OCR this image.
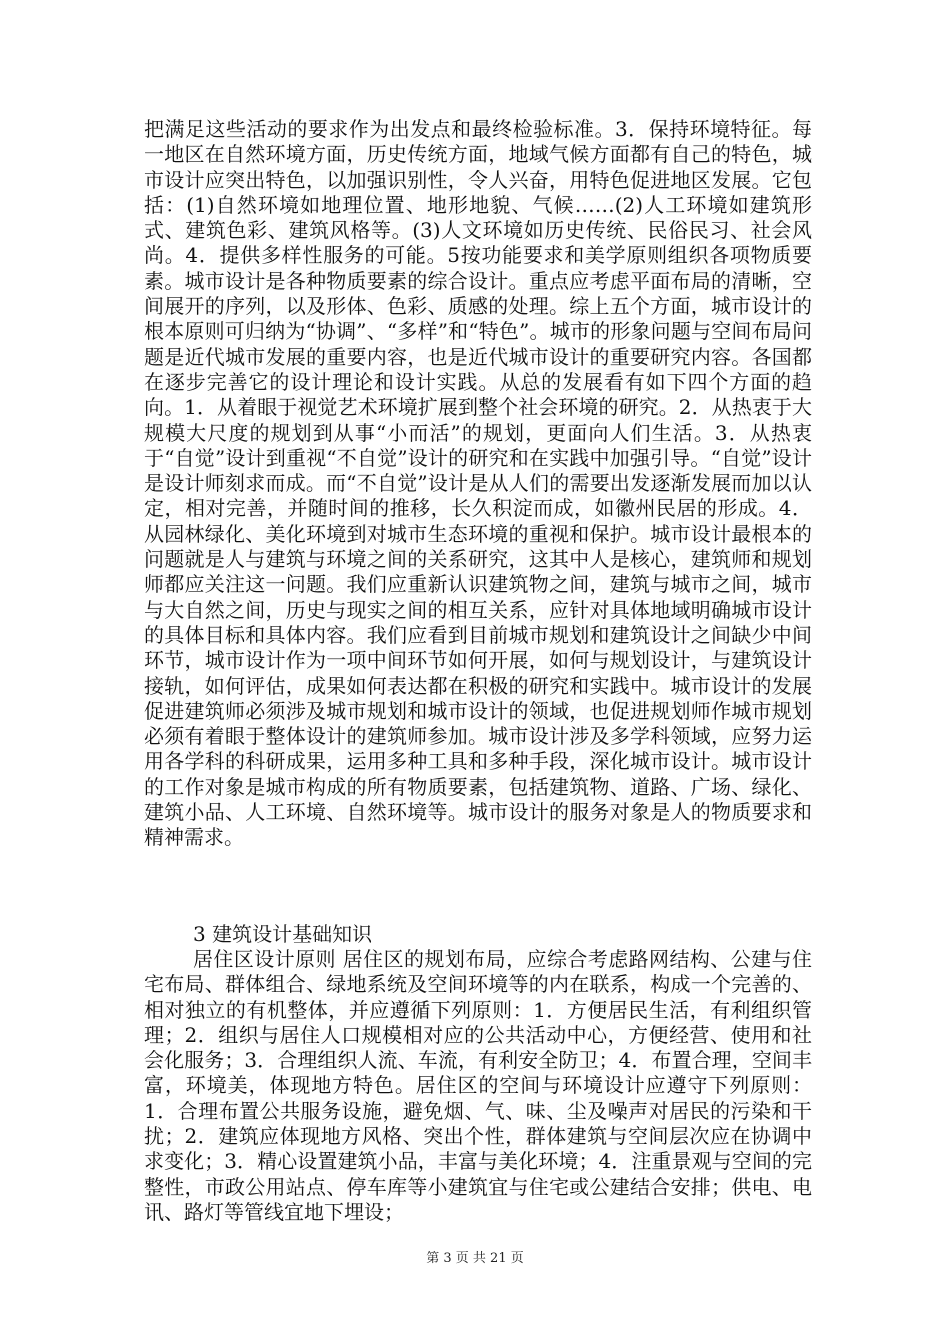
把满足这些活动的要求作为出发点和最终检验标准。3．保持环境特征。每一地区在自然环境方面，历史传统方面，地域气候方面都有自己的特色，城市设计应突出特色，以加强识别性，令人兴奋，用特色促进地区发展。它包括：(1)自然环境如地理位置、地形地貌、气候……(2)人工环境如建筑形式、建筑色彩、建筑风格等。(3)人文环境如历史传统、民俗民习、社会风尚。4．提供多样性服务的可能。5按功能要求和美学原则组织各项物质要素。城市设计是各种物质要素的综合设计。重点应考虑平面布局的清晰，空间展开的序列，以及形体、色彩、质感的处理。综上五个方面，城市设计的根本原则可归纳为“协调”、“多样”和“特色”。城市的形象问题与空间布局问题是近代城市发展的重要内容，也是近代城市设计的重要研究内容。各国都在逐步完善它的设计理论和设计实践。从总的发展看有如下四个方面的趋向。1．从着眼于视觉艺术环境扩展到整个社会环境的研究。2．从热衷于大规模大尺度的规划到从事“小而活”的规划，更面向人们生活。3．从热衷于“自觉”设计到重视“不自觉”设计的研究和在实践中加强引导。“自觉”设计是设计师刻求而成。而“不自觉”设计是从人们的需要出发逐渐发展而加以认定，相对完善，并随时间的推移，长久积淀而成，如徽州民居的形成。4．从园林绿化、美化环境到对城市生态环境的重视和保护。城市设计最根本的问题就是人与建筑与环境之间的关系研究，这其中人是核心，建筑师和规划师都应关注这一问题。我们应重新认识建筑物之间，建筑与城市之间，城市与大自然之间，历史与现实之间的相互关系，应针对具体地域明确城市设计的具体目标和具体内容。我们应看到目前城市规划和建筑设计之间缺少中间环节，城市设计作为一项中间环节如何开展，如何与规划设计，与建筑设计接轨，如何评估，成果如何表达都在积极的研究和实践中。城市设计的发展促进建筑师必须涉及城市规划和城市设计的领域，也促进规划师作城市规划必须有着眼于整体设计的建筑师参加。城市设计涉及多学科领域，应努力运用各学科的科研成果，运用多种工具和多种手段，深化城市设计。城市设计的工作对象是城市构成的所有物质要素，包括建筑物、道路、广场、绿化、建筑小品、人工环境、自然环境等。城市设计的服务对象是人的物质要求和精神需求。

3 建筑设计基础知识

居住区设计原则 居住区的规划布局，应综合考虑路网结构、公建与住宅布局、群体组合、绿地系统及空间环境等的内在联系，构成一个完善的、相对独立的有机整体，并应遵循下列原则：1．方便居民生活，有利组织管理；2．组织与居住人口规模相对应的公共活动中心，方便经营、使用和社会化服务；3．合理组织人流、车流，有利安全防卫；4．布置合理，空间丰富，环境美，体现地方特色。居住区的空间与环境设计应遵守下列原则：1．合理布置公共服务设施，避免烟、气、味、尘及噪声对居民的污染和干扰；2．建筑应体现地方风格、突出个性，群体建筑与空间层次应在协调中求变化；3．精心设置建筑小品，丰富与美化环境；4．注重景观与空间的完整性，市政公用站点、停车库等小建筑宜与住宅或公建结合安排；供电、电讯、路灯等管线宜地下埋设；

第 3 页 共 21 页
